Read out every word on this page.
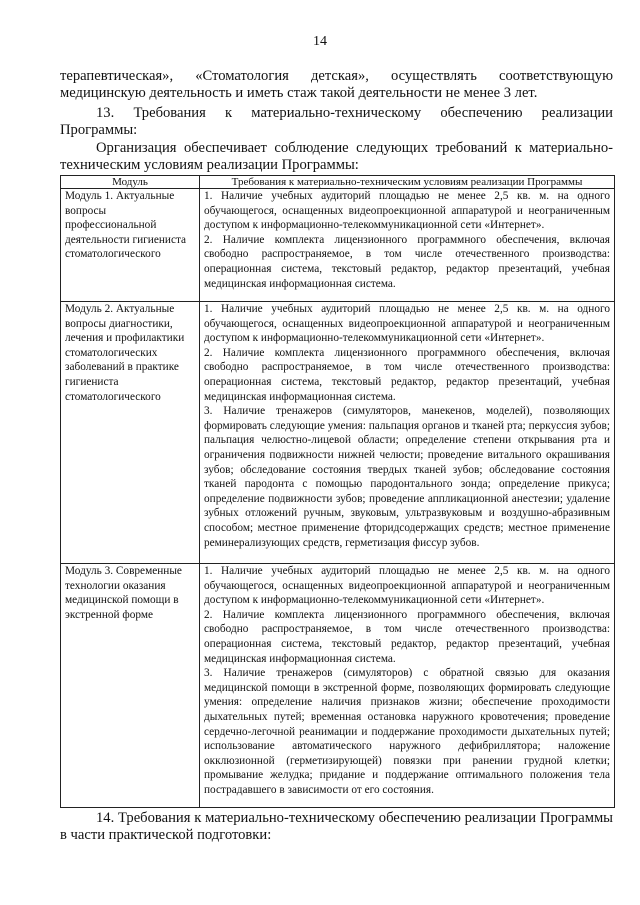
14
терапевтическая», «Стоматология детская», осуществлять соответствующую
медицинскую деятельность и иметь стаж такой деятельности не менее 3 лет.
13. Требования к материально-техническому обеспечению реализации Программы:
Организация обеспечивает соблюдение следующих требований к материально-техническим условиям реализации Программы:
Модуль	Требования к материально-техническим условиям реализации Программы
Модуль 1. Актуальные вопросы профессиональной деятельности гигиениста стоматологического	1. Наличие учебных аудиторий площадью не менее 2,5 кв. м. на одного обучающегося, оснащенных видеопроекционной аппаратурой и неограниченным доступом к информационно-телекоммуникационной сети «Интернет».
2. Наличие комплекта лицензионного программного обеспечения, включая свободно распространяемое, в том числе отечественного производства: операционная система, текстовый редактор, редактор презентаций, учебная медицинская информационная система.

Модуль 2. Актуальные вопросы диагностики, лечения и профилактики стоматологических заболеваний в практике гигиениста стоматологического	1. Наличие учебных аудиторий площадью не менее 2,5 кв. м. на одного обучающегося, оснащенных видеопроекционной аппаратурой и неограниченным доступом к информационно-телекоммуникационной сети «Интернет».
2. Наличие комплекта лицензионного программного обеспечения, включая свободно распространяемое, в том числе отечественного производства: операционная система, текстовый редактор, редактор презентаций, учебная медицинская информационная система.
3. Наличие тренажеров (симуляторов, манекенов, моделей), позволяющих формировать следующие умения: пальпация органов и тканей рта; перкуссия зубов; пальпация челюстно-лицевой области; определение степени открывания рта и ограничения подвижности нижней челюсти; проведение витального окрашивания зубов; обследование состояния твердых тканей зубов; обследование состояния тканей пародонта с помощью пародонтального зонда; определение прикуса; определение подвижности зубов; проведение аппликационной анестезии; удаление зубных отложений ручным, звуковым, ультразвуковым и воздушно-абразивным способом; местное применение фторидсодержащих средств; местное применение реминерализующих средств, герметизация фиссур зубов.

Модуль 3. Современные технологии оказания медицинской помощи в экстренной форме	1. Наличие учебных аудиторий площадью не менее 2,5 кв. м. на одного обучающегося, оснащенных видеопроекционной аппаратурой и неограниченным доступом к информационно-телекоммуникационной сети «Интернет».
2. Наличие комплекта лицензионного программного обеспечения, включая свободно распространяемое, в том числе отечественного производства: операционная система, текстовый редактор, редактор презентаций, учебная медицинская информационная система.
3. Наличие тренажеров (симуляторов) с обратной связью для оказания медицинской помощи в экстренной форме, позволяющих формировать следующие умения: определение наличия признаков жизни; обеспечение проходимости дыхательных путей; временная остановка наружного кровотечения; проведение сердечно-легочной реанимации и поддержание проходимости дыхательных путей; использование автоматического наружного дефибриллятора; наложение окклюзионной (герметизирующей) повязки при ранении грудной клетки; промывание желудка; придание и поддержание оптимального положения тела пострадавшего в зависимости от его состояния.
14. Требования к материально-техническому обеспечению реализации Программы в части практической подготовки:
